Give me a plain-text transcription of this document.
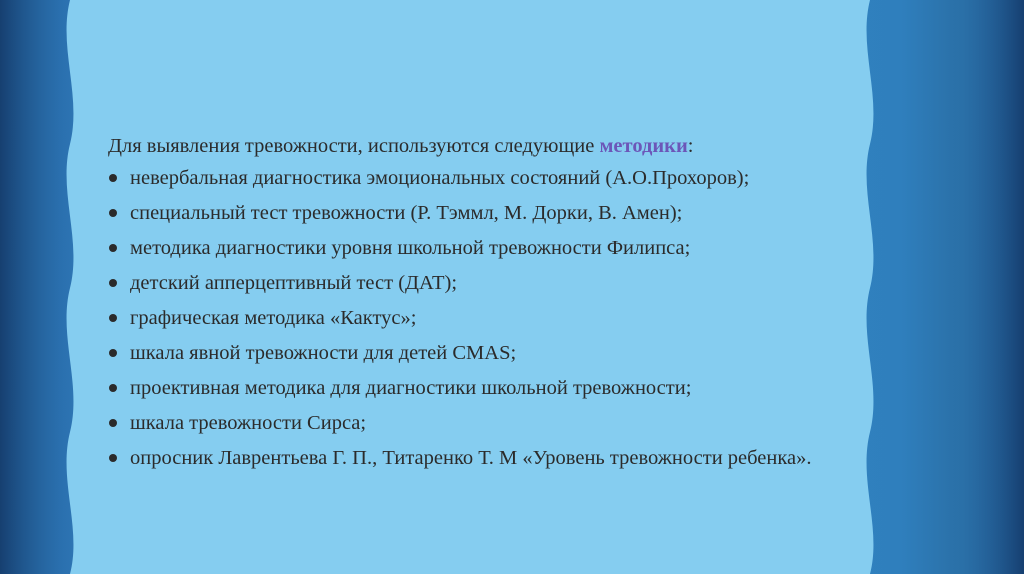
Для выявления тревожности, используются следующие методики:

невербальная диагностика эмоциональных состояний (А.О.Прохоров);
специальный тест тревожности (Р. Тэммл, М. Дорки, В. Амен);
методика диагностики уровня школьной тревожности Филипса;
детский апперцептивный тест (ДАТ);
графическая методика «Кактус»;
шкала явной тревожности для детей CMAS;
проективная методика для диагностики школьной тревожности;
шкала тревожности Сирса;
опросник Лаврентьева Г. П., Титаренко Т. М «Уровень тревожности ребенка».
